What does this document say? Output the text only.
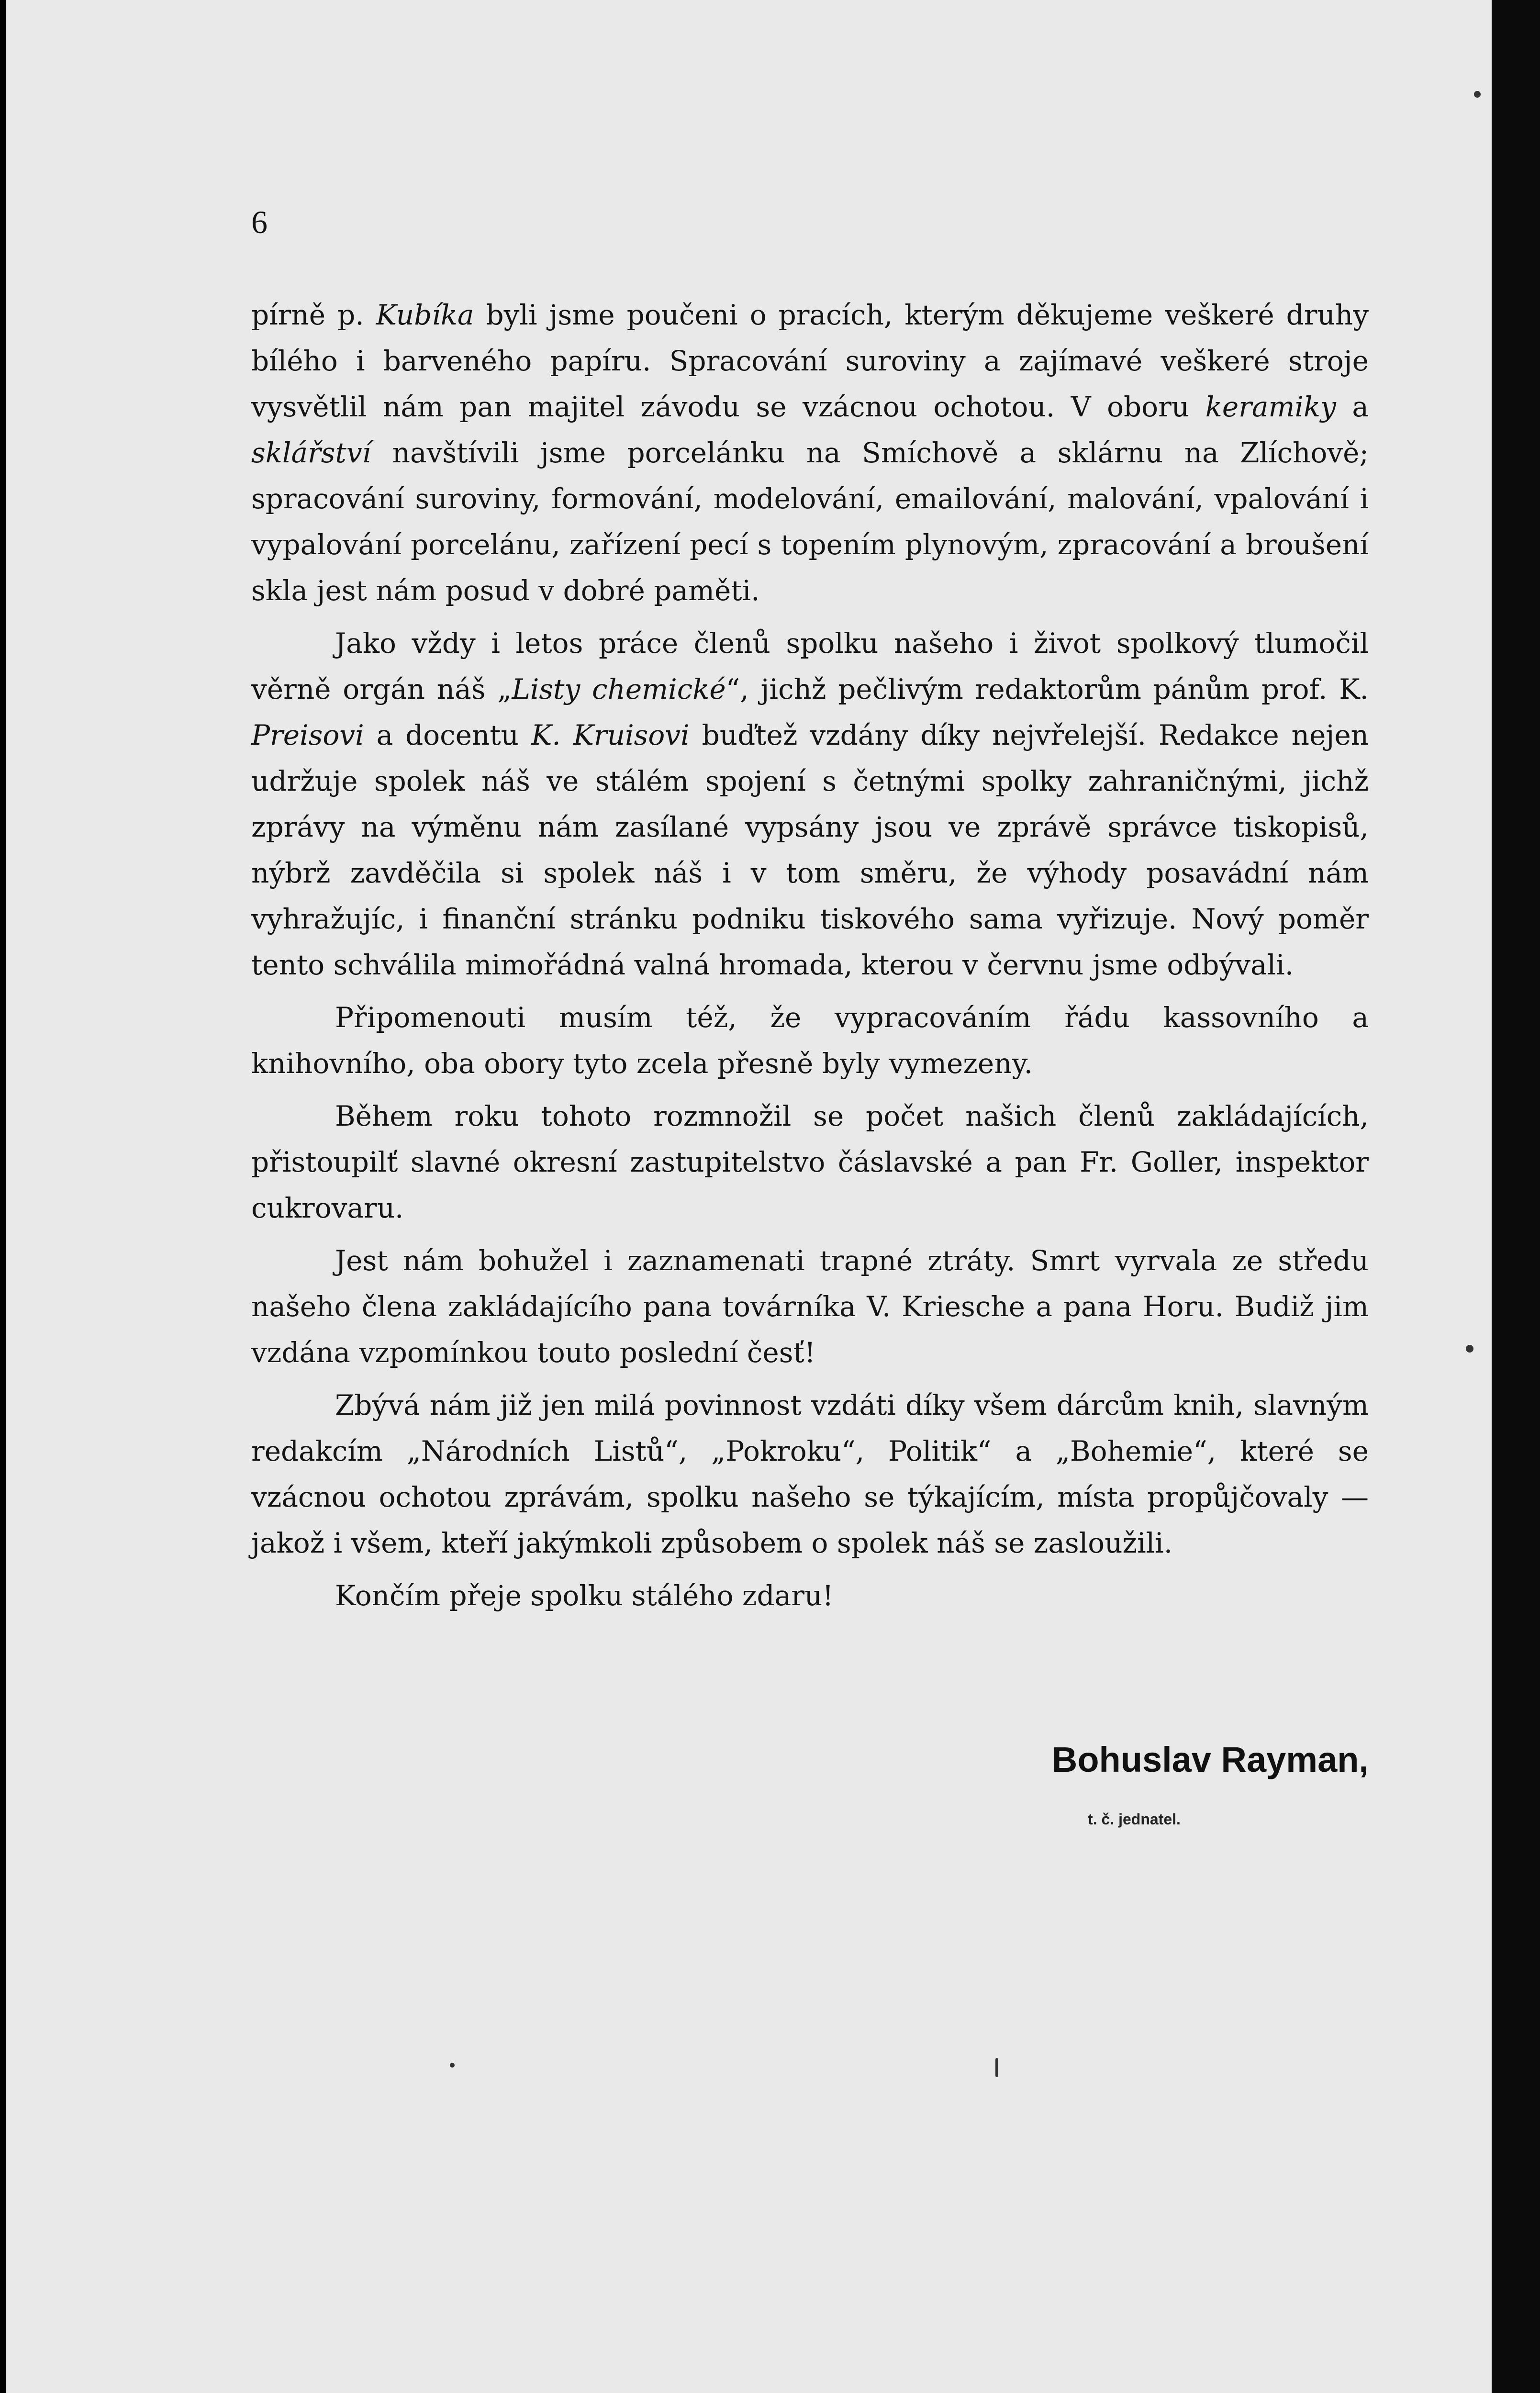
6

pírně p. Kubíka byli jsme poučeni o pracích, kterým děkujeme veškeré druhy bílého i barveného papíru. Spracování suroviny a zajímavé veškeré stroje vysvětlil nám pan majitel závodu se vzácnou ochotou. V oboru keramiky a sklářství navštívili jsme porcelánku na Smíchově a sklárnu na Zlíchově; spracování suroviny, formování, modelování, emailování, malování, vpalování i vypalování porcelánu, zařízení pecí s topením plynovým, zpracování a broušení skla jest nám posud v dobré paměti.

Jako vždy i letos práce členů spolku našeho i život spolkový tlumočil věrně orgán náš „Listy chemické“, jichž pečlivým redaktorům pánům prof. K. Preisovi a docentu K. Kruisovi buďtež vzdány díky nejvřelejší. Redakce nejen udržuje spolek náš ve stálém spojení s četnými spolky zahraničnými, jichž zprávy na výměnu nám zasílané vypsány jsou ve zprávě správce tiskopisů, nýbrž zavděčila si spolek náš i v tom směru, že výhody posavádní nám vyhražujíc, i finanční stránku podniku tiskového sama vyřizuje. Nový poměr tento schválila mimořádná valná hromada, kterou v červnu jsme odbývali.

Připomenouti musím též, že vypracováním řádu kassovního a knihovního, oba obory tyto zcela přesně byly vymezeny.

Během roku tohoto rozmnožil se počet našich členů zakládajících, přistoupilť slavné okresní zastupitelstvo čáslavské a pan Fr. Goller, inspektor cukrovaru.

Jest nám bohužel i zaznamenati trapné ztráty. Smrt vyrvala ze středu našeho člena zakládajícího pana továrníka V. Kriesche a pana Horu. Budiž jim vzdána vzpomínkou touto poslední česť!

Zbývá nám již jen milá povinnost vzdáti díky všem dárcům knih, slavným redakcím „Národních Listů“, „Pokroku“, Politik“ a „Bohemie“, které se vzácnou ochotou zprávám, spolku našeho se týkajícím, místa propůjčovaly — jakož i všem, kteří jakýmkoli způsobem o spolek náš se zasloužili.

Končím přeje spolku stálého zdaru!

Bohuslav Rayman,
t. č. jednatel.
